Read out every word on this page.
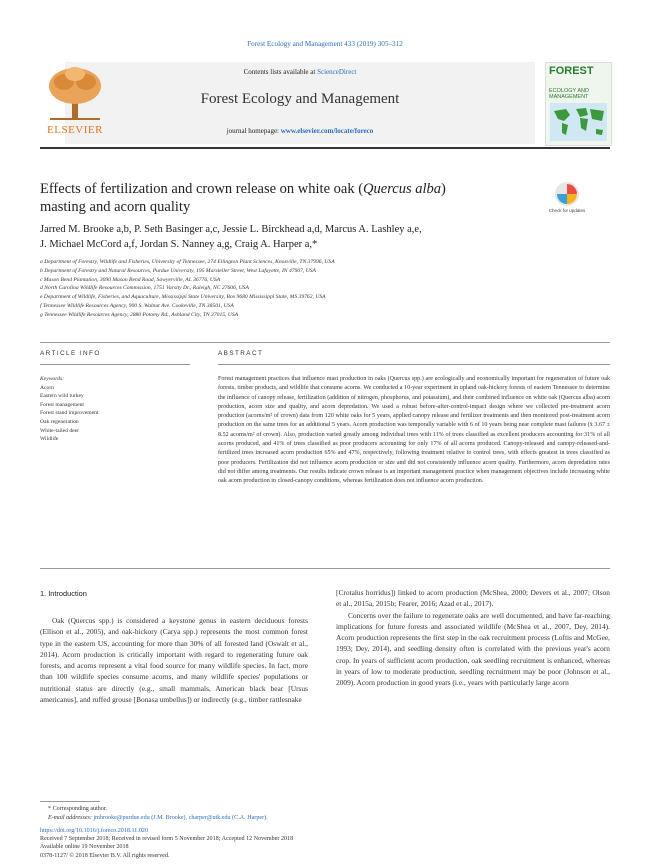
Forest Ecology and Management 433 (2019) 305–312
Contents lists available at ScienceDirect
Forest Ecology and Management
journal homepage: www.elsevier.com/locate/foreco
ELSEVIER
FOREST
ECOLOGY AND MANAGEMENT
Effects of fertilization and crown release on white oak (Quercus alba)
masting and acorn quality	Check for updates
Jarred M. Brooke a,b, P. Seth Basinger a,c, Jessie L. Birckhead a,d, Marcus A. Lashley a,e,
J. Michael McCord a,f, Jordan S. Nanney a,g, Craig A. Harper a,*
a Department of Forestry, Wildlife and Fisheries, University of Tennessee, 274 Ellington Plant Sciences, Knoxville, TN 37996, USA
b Department of Forestry and Natural Resources, Purdue University, 195 Marsteller Street, West Lafayette, IN 47907, USA
c Mason Bend Plantation, 3090 Mason Bend Road, Sawyerville, AL 36776, USA
d North Carolina Wildlife Resources Commission, 1751 Varsity Dr., Raleigh, NC 27606, USA
e Department of Wildlife, Fisheries, and Aquaculture, Mississippi State University, Box 9680 Mississippi State, MS 39762, USA
f Tennessee Wildlife Resources Agency, 900 S. Walnut Ave. Cookeville, TN 38501, USA
g Tennessee Wildlife Resources Agency, 2880 Potomy Rd., Ashland City, TN 37015, USA
ARTICLE INFO	ABSTRACT
Keywords:
Acorn
Eastern wild turkey
Forest management
Forest stand improvement
Oak regeneration
White-tailed deer
Wildlife
Forest management practices that influence mast production in oaks (Quercus spp.) are ecologically and economically important for regeneration of future oak forests, timber products, and wildlife that consume acorns. We conducted a 10-year experiment in upland oak-hickory forests of eastern Tennessee to determine the influence of canopy release, fertilization (addition of nitrogen, phosphorus, and potassium), and their combined influence on white oak (Quercus alba) acorn production, acorn size and quality, and acorn depredation. We used a robust before-after-control-impact design where we collected pre-treatment acorn production (acorns/m² of crown) data from 120 white oaks for 5 years, applied canopy release and fertilizer treatments and then monitored post-treatment acorn production on the same trees for an additional 5 years. Acorn production was temporally variable with 6 of 10 years being near complete mast failures (x̄ 3.67 ± 8.52 acorns/m² of crown). Also, production varied greatly among individual trees with 11% of trees classified as excellent producers accounting for 31% of all acorns produced, and 41% of trees classified as poor producers accounting for only 17% of all acorns produced. Canopy-released and canopy-released-and-fertilized trees increased acorn production 65% and 47%, respectively, following treatment relative to control trees, with effects greatest in trees classified as poor producers. Fertilization did not influence acorn production or size and did not consistently influence acorn quality. Furthermore, acorn depredation rates did not differ among treatments. Our results indicate crown release is an important management practice when management objectives include increasing white oak acorn production in closed-canopy conditions, whereas fertilization does not influence acorn production.
1. Introduction

Oak (Quercus spp.) is considered a keystone genus in eastern deciduous forests (Ellison et al., 2005), and oak-hickory (Carya spp.) represents the most common forest type in the eastern US, accounting for more than 30% of all forested land (Oswalt et al., 2014). Acorn production is critically important with regard to regenerating future oak forests, and acorns represent a vital food source for many wildlife species. In fact, more than 100 wildlife species consume acorns, and many wildlife species' populations or nutritional status are directly (e.g., small mammals, American black bear [Ursus americanus], and ruffed grouse [Bonasa umbellus]) or indirectly (e.g., timber rattlesnake

[Crotalus horridus]) linked to acorn production (McShea, 2000; Devers et al., 2007; Olson et al., 2015a, 2015b; Fearer, 2016; Azad et al., 2017).

Concerns over the failure to regenerate oaks are well documented, and have far-reaching implications for future forests and associated wildlife (McShea et al., 2007, Dey, 2014). Acorn production represents the first step in the oak recruitment process (Loftis and McGee, 1993; Dey, 2014), and seedling density often is correlated with the previous year's acorn crop. In years of sufficient acorn production, oak seedling recruitment is enhanced, whereas in years of low to moderate production, seedling recruitment may be poor (Johnson et al., 2009). Acorn production in good years (i.e., years with particularly large acorn

* Corresponding author.
E-mail addresses: jmbrooke@purdue.edu (J.M. Brooke), charper@utk.edu (C.A. Harper).
https://doi.org/10.1016/j.foreco.2018.11.020
Received 7 September 2018; Received in revised form 5 November 2018; Accepted 12 November 2018
Available online 19 November 2018
0378-1127/ © 2018 Elsevier B.V. All rights reserved.
